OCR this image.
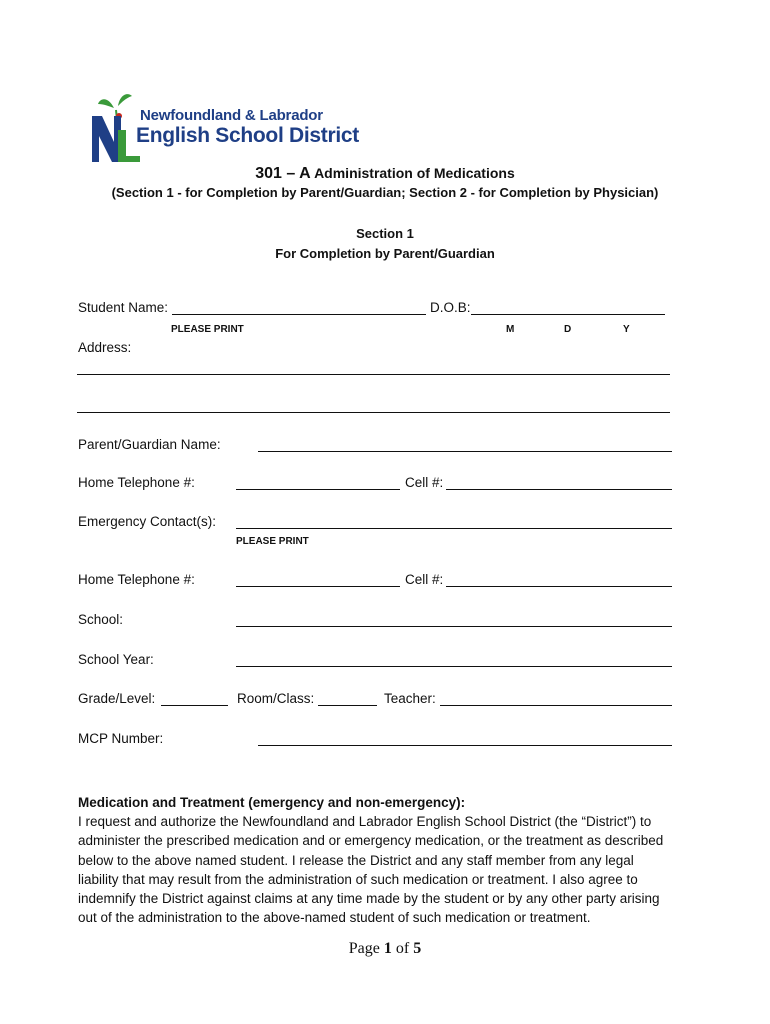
Newfoundland & Labrador
English School District
301 – A Administration of Medications
(Section 1 - for Completion by Parent/Guardian; Section 2 - for Completion by Physician)
Section 1
For Completion by Parent/Guardian
Student Name:	D.O.B:
PLEASE PRINT	M	D	Y
Address:
Parent/Guardian Name:
Home Telephone #:	Cell #:
Emergency Contact(s):
PLEASE PRINT
Home Telephone #:	Cell #:
School:
School Year:
Grade/Level:	Room/Class:	Teacher:
MCP Number:
Medication and Treatment (emergency and non-emergency):
I request and authorize the Newfoundland and Labrador English School District (the “District”) to administer the prescribed medication and or emergency medication, or the treatment as described below to the above named student. I release the District and any staff member from any legal liability that may result from the administration of such medication or treatment. I also agree to indemnify the District against claims at any time made by the student or by any other party arising out of the administration to the above-named student of such medication or treatment.
Page 1 of 5
